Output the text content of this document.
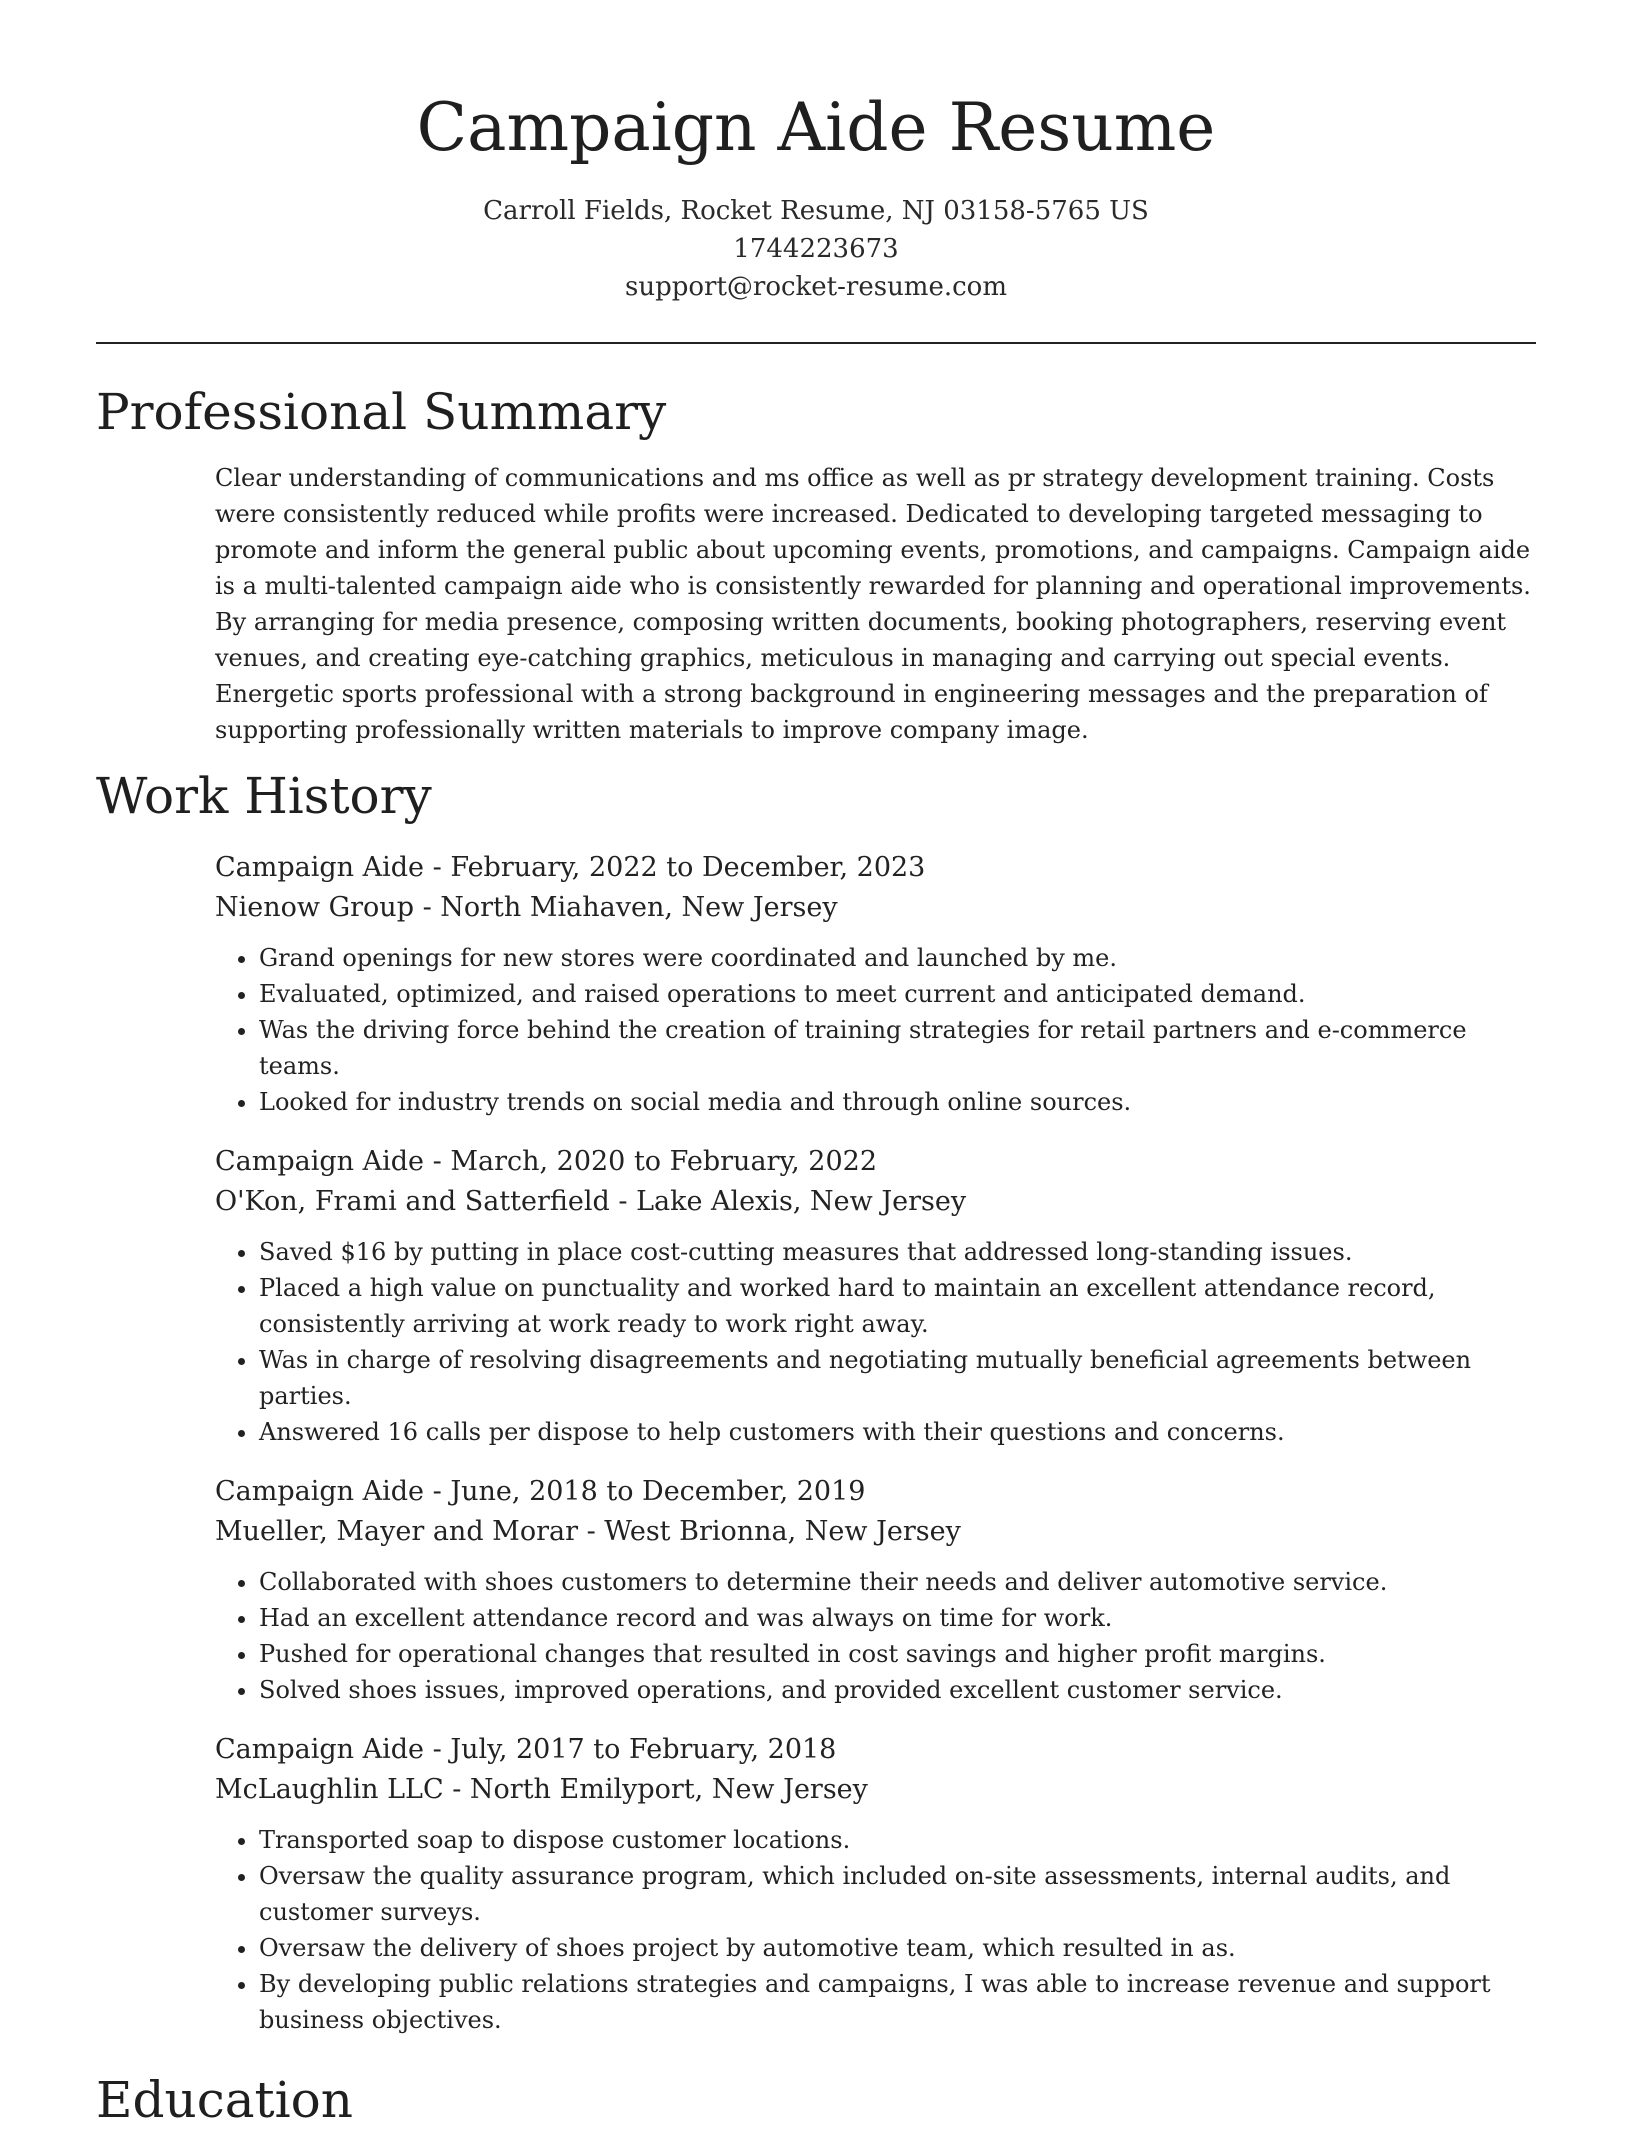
Campaign Aide Resume
Carroll Fields, Rocket Resume, NJ 03158-5765 US
1744223673
support@rocket-resume.com
Professional Summary

Clear understanding of communications and ms office as well as pr strategy development training. Costs were consistently reduced while profits were increased. Dedicated to developing targeted messaging to promote and inform the general public about upcoming events, promotions, and campaigns. Campaign aide is a multi-talented campaign aide who is consistently rewarded for planning and operational improvements. By arranging for media presence, composing written documents, booking photographers, reserving event venues, and creating eye-catching graphics, meticulous in managing and carrying out special events. Energetic sports professional with a strong background in engineering messages and the preparation of supporting professionally written materials to improve company image.

Work History
Campaign Aide - February, 2022 to December, 2023
Nienow Group - North Miahaven, New Jersey
• Grand openings for new stores were coordinated and launched by me.
• Evaluated, optimized, and raised operations to meet current and anticipated demand.
• Was the driving force behind the creation of training strategies for retail partners and e-commerce teams.
• Looked for industry trends on social media and through online sources.
Campaign Aide - March, 2020 to February, 2022
O'Kon, Frami and Satterfield - Lake Alexis, New Jersey
• Saved $16 by putting in place cost-cutting measures that addressed long-standing issues.
• Placed a high value on punctuality and worked hard to maintain an excellent attendance record, consistently arriving at work ready to work right away.
• Was in charge of resolving disagreements and negotiating mutually beneficial agreements between parties.
• Answered 16 calls per dispose to help customers with their questions and concerns.
Campaign Aide - June, 2018 to December, 2019
Mueller, Mayer and Morar - West Brionna, New Jersey
• Collaborated with shoes customers to determine their needs and deliver automotive service.
• Had an excellent attendance record and was always on time for work.
• Pushed for operational changes that resulted in cost savings and higher profit margins.
• Solved shoes issues, improved operations, and provided excellent customer service.
Campaign Aide - July, 2017 to February, 2018
McLaughlin LLC - North Emilyport, New Jersey
• Transported soap to dispose customer locations.
• Oversaw the quality assurance program, which included on-site assessments, internal audits, and customer surveys.
• Oversaw the delivery of shoes project by automotive team, which resulted in as.
• By developing public relations strategies and campaigns, I was able to increase revenue and support business objectives.
Education
